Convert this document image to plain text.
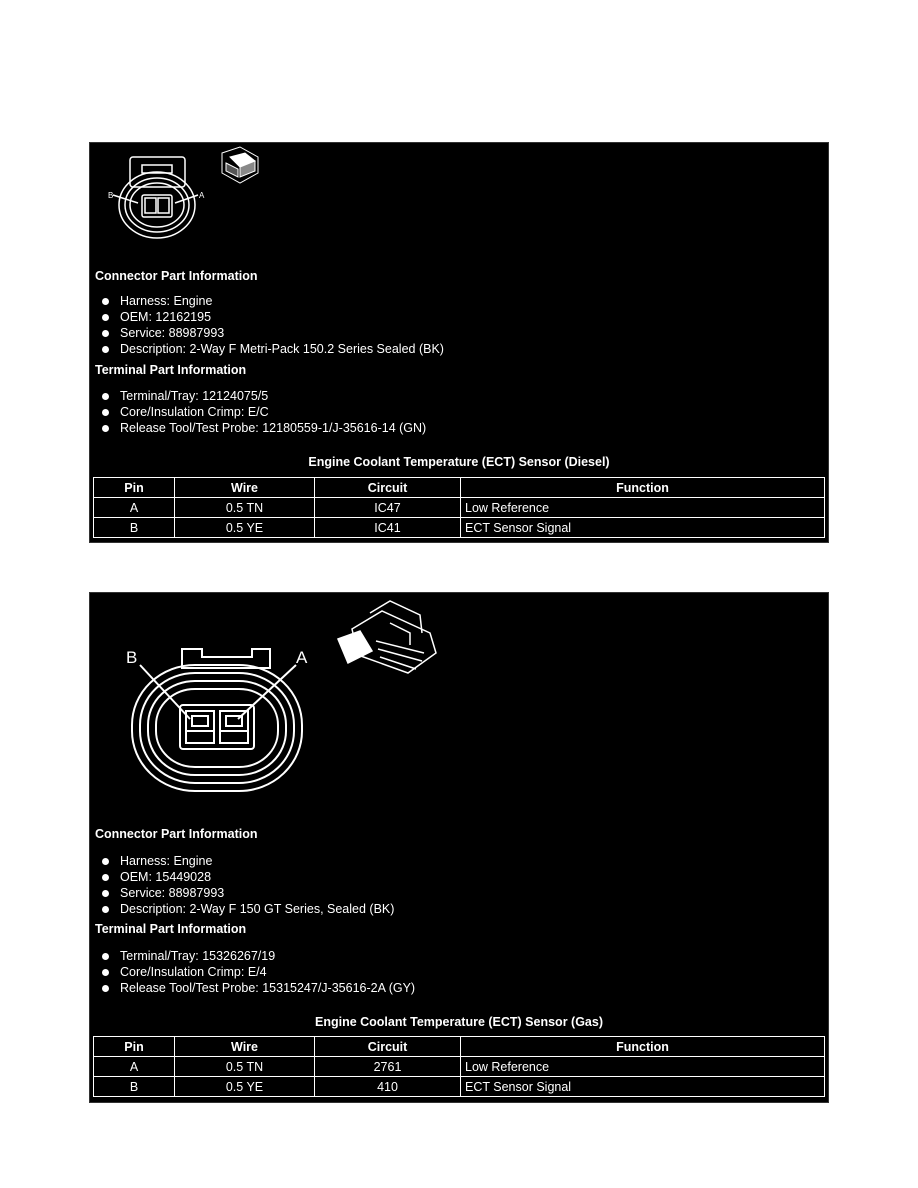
B	A
Connector Part Information
Harness: Engine
OEM: 12162195
Service: 88987993
Description: 2-Way F Metri-Pack 150.2 Series Sealed (BK)
Terminal Part Information
Terminal/Tray: 12124075/5
Core/Insulation Crimp: E/C
Release Tool/Test Probe: 12180559-1/J-35616-14 (GN)
Engine Coolant Temperature (ECT) Sensor (Diesel)
Pin	Wire	Circuit	Function
A	0.5 TN	IC47	Low Reference
B	0.5 YE	IC41	ECT Sensor Signal
B	A
Connector Part Information
Harness: Engine
OEM: 15449028
Service: 88987993
Description: 2-Way F 150 GT Series, Sealed (BK)
Terminal Part Information
Terminal/Tray: 15326267/19
Core/Insulation Crimp: E/4
Release Tool/Test Probe: 15315247/J-35616-2A (GY)
Engine Coolant Temperature (ECT) Sensor (Gas)
Pin	Wire	Circuit	Function
A	0.5 TN	2761	Low Reference
B	0.5 YE	410	ECT Sensor Signal
